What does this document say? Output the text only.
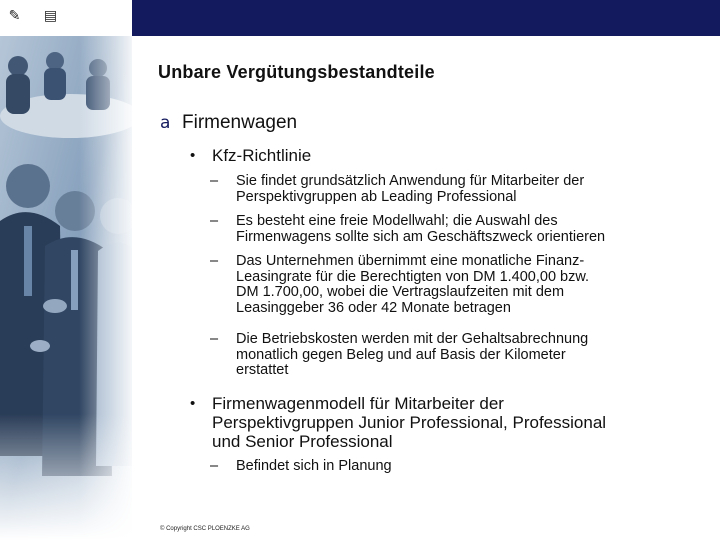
✎ ▤
Unbare Vergütungsbestandteile
a Firmenwagen
• Kfz-Richtlinie
– Sie findet grundsätzlich Anwendung für Mitarbeiter der
Perspektivgruppen ab Leading Professional
– Es besteht eine freie Modellwahl; die Auswahl des
Firmenwagens sollte sich am Geschäftszweck orientieren
– Das Unternehmen übernimmt eine monatliche Finanz-
Leasingrate für die Berechtigten von DM 1.400,00 bzw.
DM 1.700,00, wobei die Vertragslaufzeiten mit dem
Leasinggeber 36 oder 42 Monate betragen
– Die Betriebskosten werden mit der Gehaltsabrechnung
monatlich gegen Beleg und auf Basis der Kilometer
erstattet
• Firmenwagenmodell für Mitarbeiter der
Perspektivgruppen Junior Professional, Professional
und Senior Professional
– Befindet sich in Planung
© Copyright CSC PLOENZKE AG
